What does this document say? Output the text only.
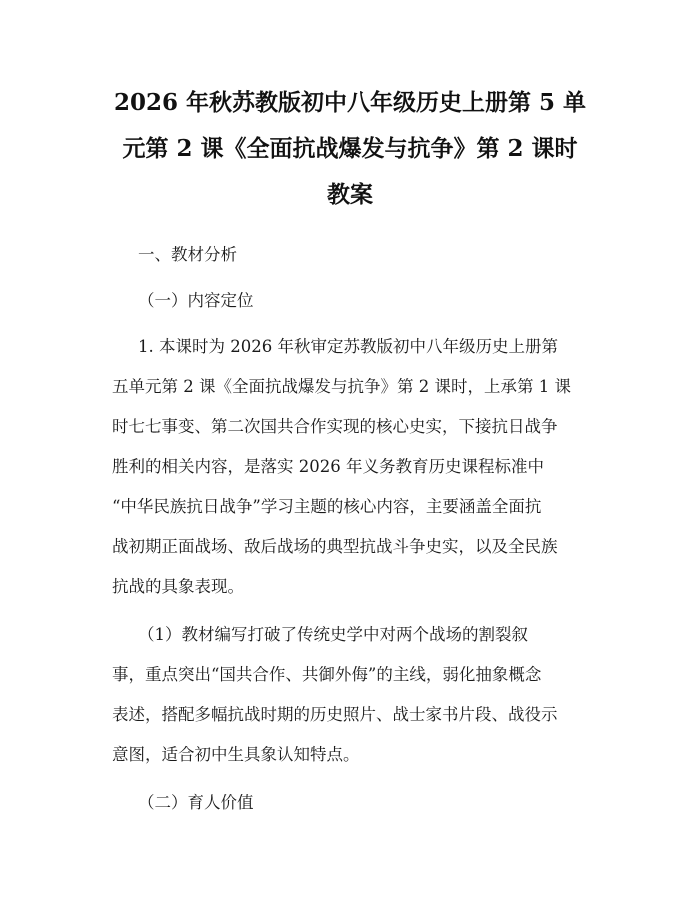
2026 年秋苏教版初中八年级历史上册第 5 单
元第 2 课《全面抗战爆发与抗争》第 2 课时
教案
一、教材分析
（一）内容定位
1. 本课时为 2026 年秋审定苏教版初中八年级历史上册第
五单元第 2 课《全面抗战爆发与抗争》第 2 课时，上承第 1 课
时七七事变、第二次国共合作实现的核心史实，下接抗日战争
胜利的相关内容，是落实 2026 年义务教育历史课程标准中
“中华民族抗日战争”学习主题的核心内容，主要涵盖全面抗
战初期正面战场、敌后战场的典型抗战斗争史实，以及全民族
抗战的具象表现。
（1）教材编写打破了传统史学中对两个战场的割裂叙
事，重点突出“国共合作、共御外侮”的主线，弱化抽象概念
表述，搭配多幅抗战时期的历史照片、战士家书片段、战役示
意图，适合初中生具象认知特点。
（二）育人价值
